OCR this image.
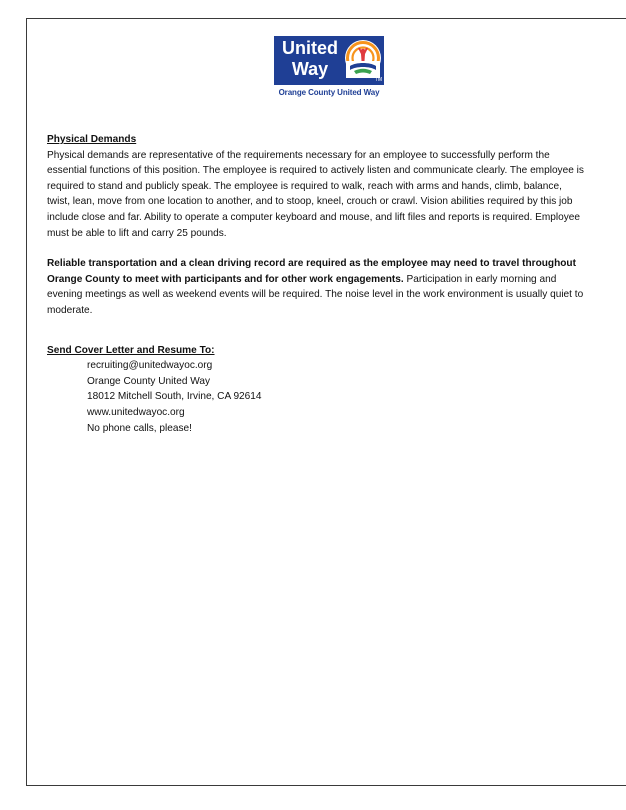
United
Way
TM
Orange County United Way
Physical Demands

Physical demands are representative of the requirements necessary for an employee to successfully perform the essential functions of this position. The employee is required to actively listen and communicate clearly. The employee is required to stand and publicly speak. The employee is required to walk, reach with arms and hands, climb, balance, twist, lean, move from one location to another, and to stoop, kneel, crouch or crawl. Vision abilities required by this job include close and far. Ability to operate a computer keyboard and mouse, and lift files and reports is required. Employee must be able to lift and carry 25 pounds.

Reliable transportation and a clean driving record are required as the employee may need to travel throughout Orange County to meet with participants and for other work engagements. Participation in early morning and evening meetings as well as weekend events will be required. The noise level in the work environment is usually quiet to moderate.

Send Cover Letter and Resume To:
recruiting@unitedwayoc.org
Orange County United Way
18012 Mitchell South, Irvine, CA 92614
www.unitedwayoc.org
No phone calls, please!
